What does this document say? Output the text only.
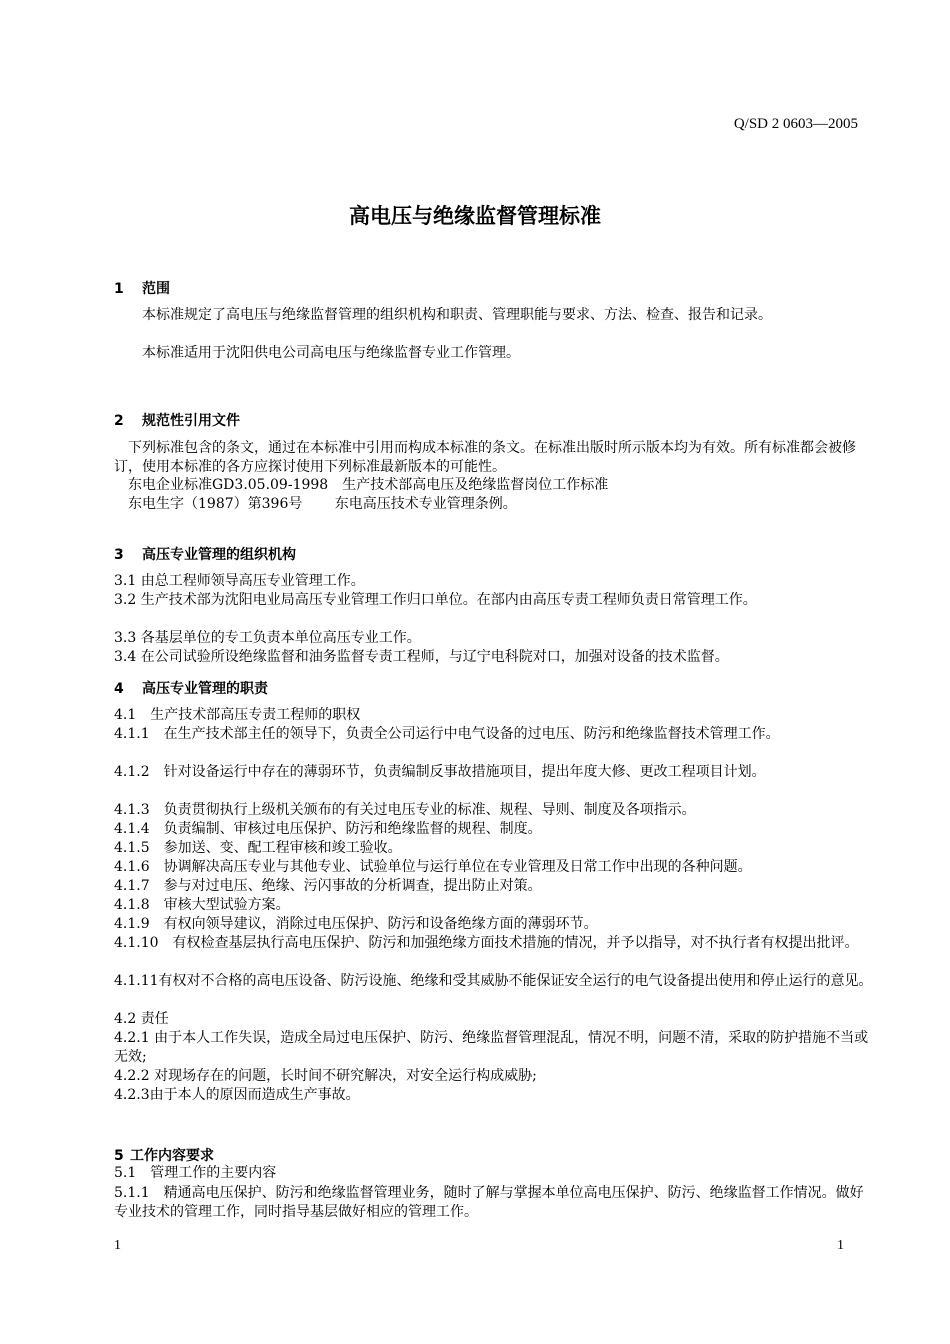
Q/SD 2 0603—2005
高电压与绝缘监督管理标准
1 范围
　　本标准规定了高电压与绝缘监督管理的组织机构和职责、管理职能与要求、方法、检查、报告和记录。
　　本标准适用于沈阳供电公司高电压与绝缘监督专业工作管理。
2 规范性引用文件
　下列标准包含的条文，通过在本标准中引用而构成本标准的条文。在标准出版时所示版本均为有效。所有标准都会被修订，使用本标准的各方应探讨使用下列标准最新版本的可能性。
　东电企业标准GD3.05.09-1998　生产技术部高电压及绝缘监督岗位工作标准
　东电生字（1987）第396号　　 东电高压技术专业管理条例。
3 高压专业管理的组织机构
3.1 由总工程师领导高压专业管理工作。
3.2 生产技术部为沈阳电业局高压专业管理工作归口单位。在部内由高压专责工程师负责日常管理工作。
3.3 各基层单位的专工负责本单位高压专业工作。
3.4 在公司试验所设绝缘监督和油务监督专责工程师，与辽宁电科院对口，加强对设备的技术监督。
4 高压专业管理的职责
4.1　生产技术部高压专责工程师的职权
4.1.1　在生产技术部主任的领导下，负责全公司运行中电气设备的过电压、防污和绝缘监督技术管理工作。
4.1.2　针对设备运行中存在的薄弱环节，负责编制反事故措施项目，提出年度大修、更改工程项目计划。
4.1.3　负责贯彻执行上级机关颁布的有关过电压专业的标准、规程、导则、制度及各项指示。
4.1.4　负责编制、审核过电压保护、防污和绝缘监督的规程、制度。
4.1.5　参加送、变、配工程审核和竣工验收。
4.1.6　协调解决高压专业与其他专业、试验单位与运行单位在专业管理及日常工作中出现的各种问题。
4.1.7　参与对过电压、绝缘、污闪事故的分析调查，提出防止对策。
4.1.8　审核大型试验方案。
4.1.9　有权向领导建议，消除过电压保护、防污和设备绝缘方面的薄弱环节。
4.1.10　有权检查基层执行高电压保护、防污和加强绝缘方面技术措施的情况，并予以指导，对不执行者有权提出批评。
4.1.11有权对不合格的高电压设备、防污设施、绝缘和受其威胁不能保证安全运行的电气设备提出使用和停止运行的意见。
4.2 责任
4.2.1 由于本人工作失误，造成全局过电压保护、防污、绝缘监督管理混乱，情况不明，问题不清，采取的防护措施不当或无效;
4.2.2 对现场存在的问题，长时间不研究解决，对安全运行构成威胁;
4.2.3由于本人的原因而造成生产事故。
5 工作内容要求
5.1　管理工作的主要内容
5.1.1　精通高电压保护、防污和绝缘监督管理业务，随时了解与掌握本单位高电压保护、防污、绝缘监督工作情况。做好专业技术的管理工作，同时指导基层做好相应的管理工作。
1	1
